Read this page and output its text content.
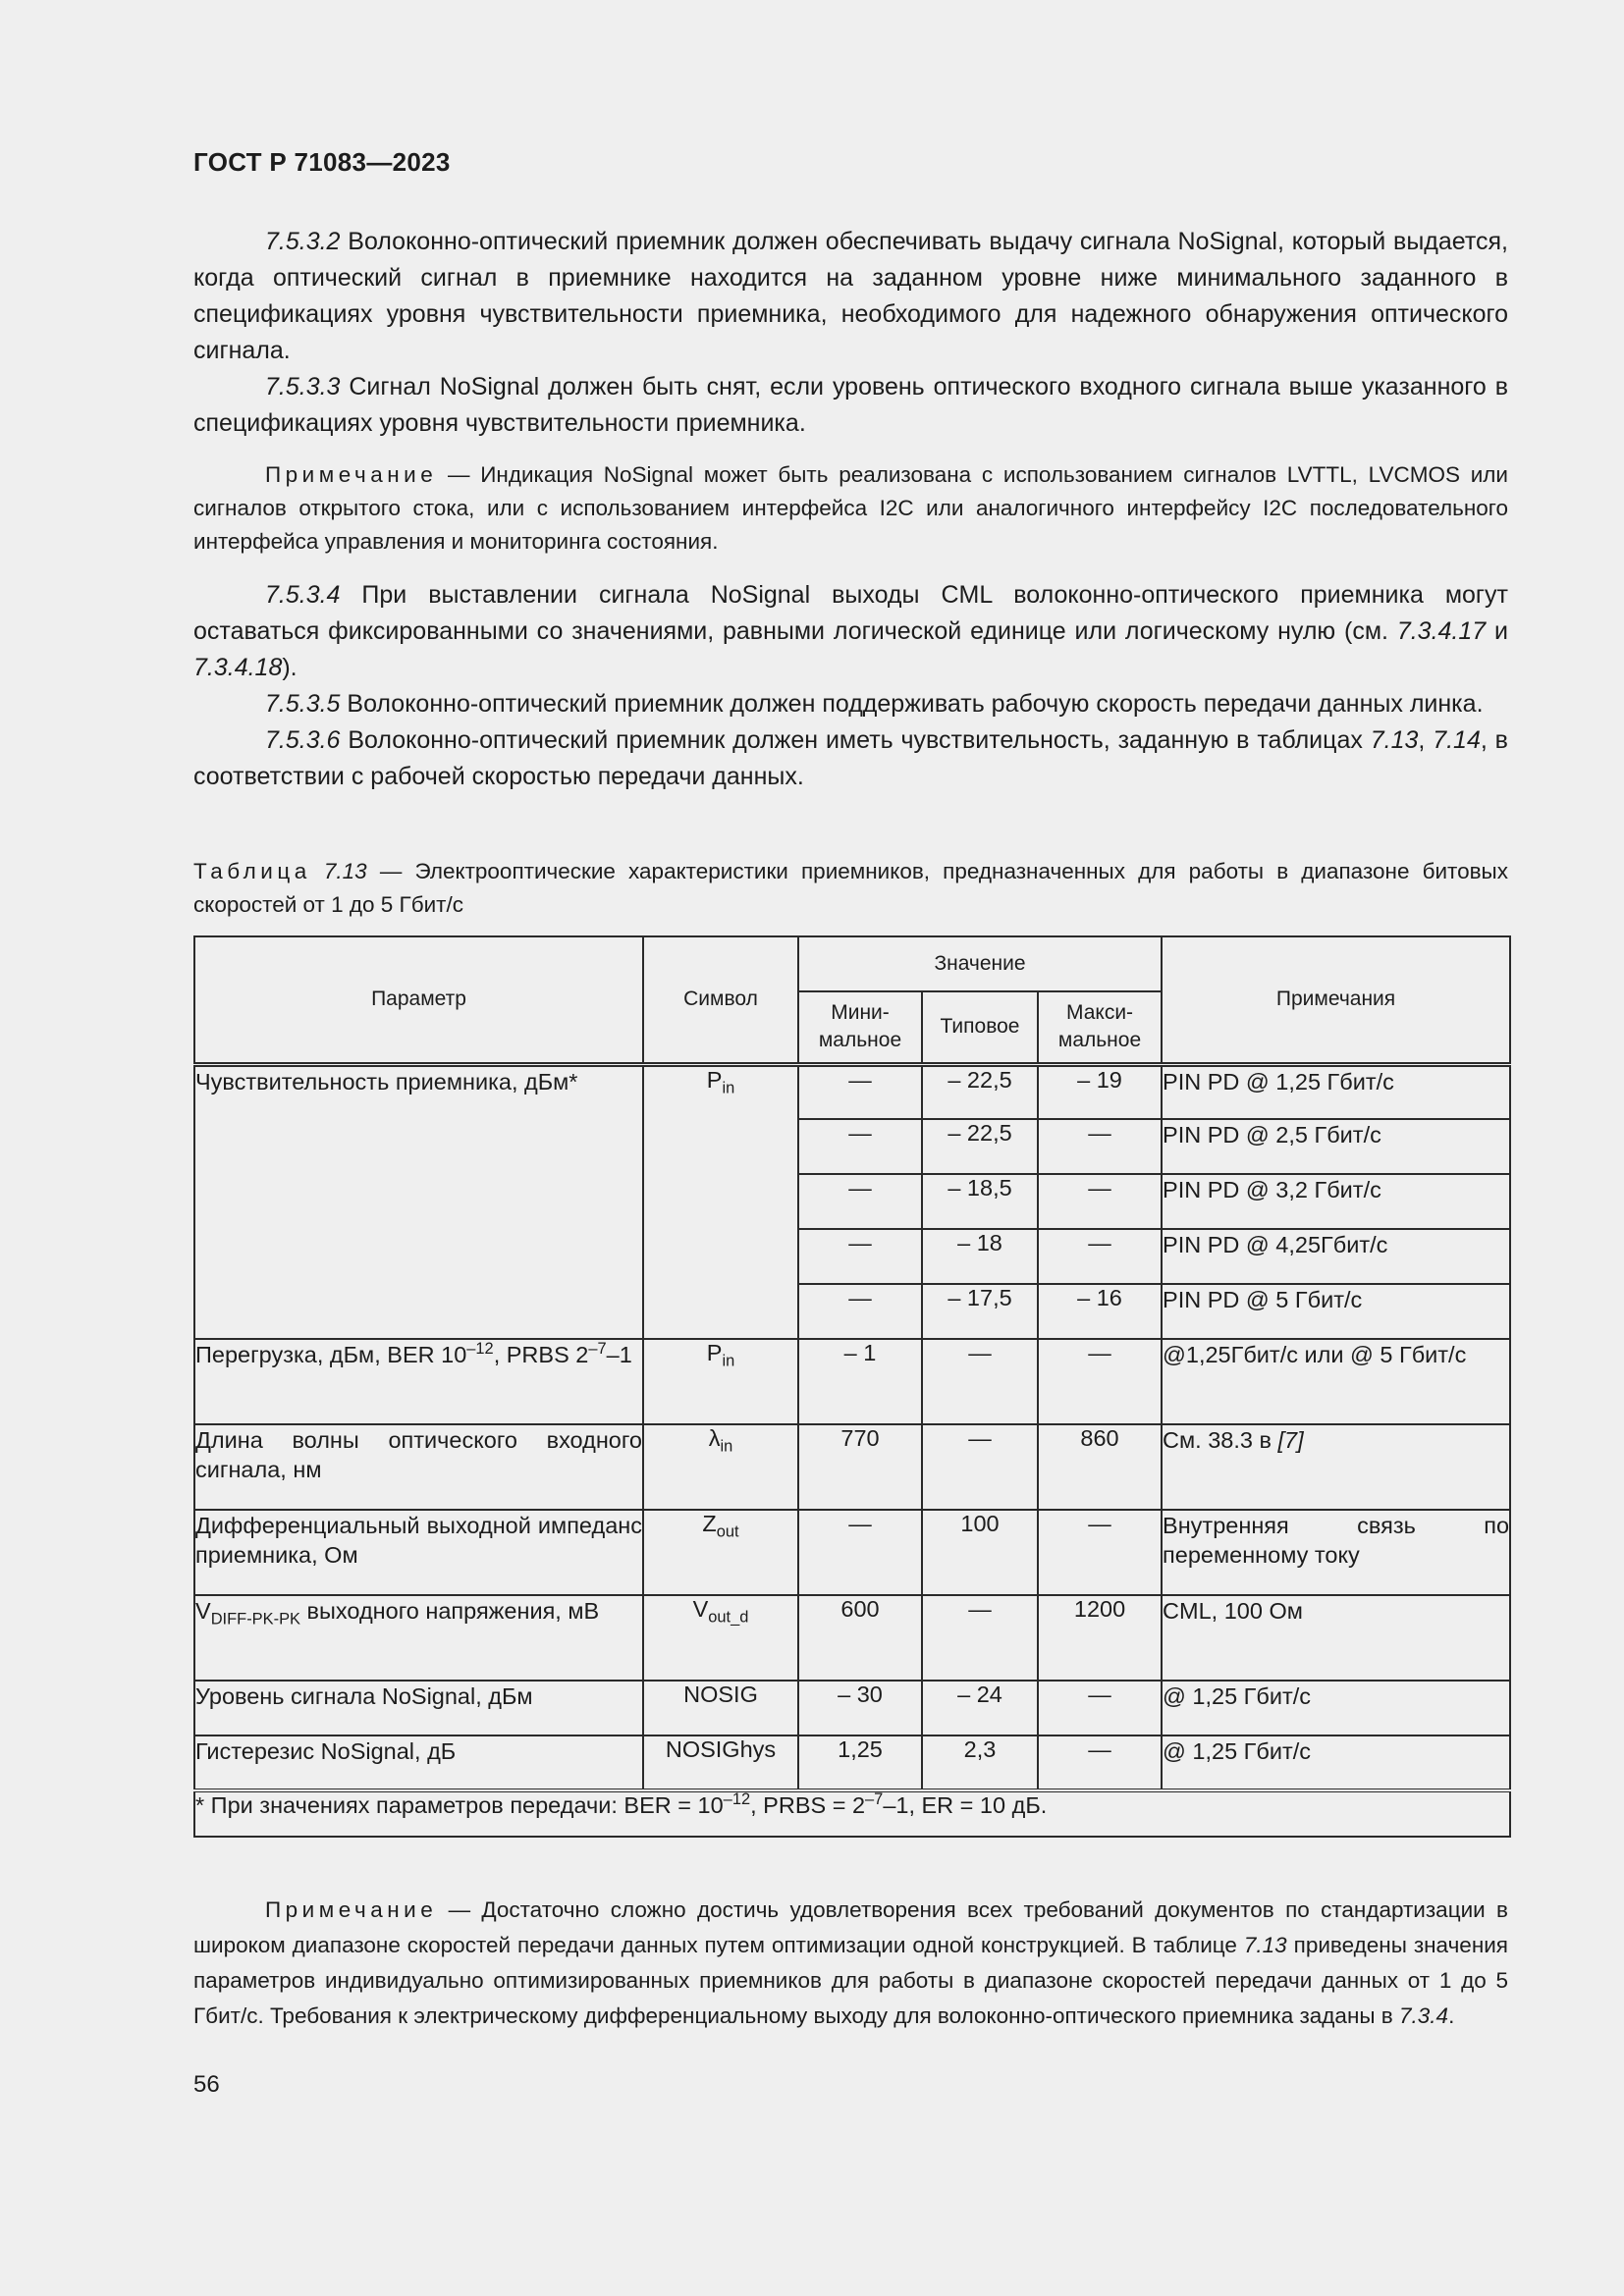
ГОСТ Р 71083—2023

7.5.3.2 Волоконно-оптический приемник должен обеспечивать выдачу сигнала NoSignal, который выдается, когда оптический сигнал в приемнике находится на заданном уровне ниже минимального заданного в спецификациях уровня чувствительности приемника, необходимого для надежного обнаружения оптического сигнала.

7.5.3.3 Сигнал NoSignal должен быть снят, если уровень оптического входного сигнала выше указанного в спецификациях уровня чувствительности приемника.

Примечание — Индикация NoSignal может быть реализована с использованием сигналов LVTTL, LVCMOS или сигналов открытого стока, или с использованием интерфейса I2C или аналогичного интерфейсу I2C последовательного интерфейса управления и мониторинга состояния.

7.5.3.4 При выставлении сигнала NoSignal выходы CML волоконно-оптического приемника могут оставаться фиксированными со значениями, равными логической единице или логическому нулю (см. 7.3.4.17 и 7.3.4.18).

7.5.3.5 Волоконно-оптический приемник должен поддерживать рабочую скорость передачи данных линка.

7.5.3.6 Волоконно-оптический приемник должен иметь чувствительность, заданную в таблицах 7.13, 7.14, в соответствии с рабочей скоростью передачи данных.

Таблица 7.13 — Электрооптические характеристики приемников, предназначенных для работы в диапазоне битовых скоростей от 1 до 5 Гбит/с
Параметр	Символ	Значение			Примечания
		Мини-мальное	Типовое	Макси-мальное	
Чувствительность приемника, дБм*	$P_{in}$	—	– 22,5	– 19	PIN PD @ 1,25 Гбит/с
		—	– 22,5	—	PIN PD @ 2,5 Гбит/с
		—	– 18,5	—	PIN PD @ 3,2 Гбит/с
		—	– 18	—	PIN PD @ 4,25Гбит/с
		—	– 17,5	– 16	PIN PD @ 5 Гбит/с
Перегрузка, дБм, BER $10^{-12}$, PRBS $2^{-7}-1$	$P_{in}$	– 1	—	—	@1,25Гбит/с или @ 5 Гбит/с
Длина волны оптического входного сигнала, нм	$\lambda_{in}$	770	—	860	См. 38.3 в [7]
Дифференциальный выходной импеданс приемника, Ом	$Z_{out}$	—	100	—	Внутренняя связь по переменному току
$V_{DIFF-PK-PK}$ выходного напряжения, мВ	$V_{out\_d}$	600	—	1200	CML, 100 Ом
Уровень сигнала NoSignal, дБм	NOSIG	– 30	– 24	—	@ 1,25 Гбит/с
Гистерезис NoSignal, дБ	NOSIGhys	1,25	2,3	—	@ 1,25 Гбит/с
* При значениях параметров передачи: BER = $10^{-12}$, PRBS = $2^{-7}-1$, ER = 10 дБ.					
Примечание — Достаточно сложно достичь удовлетворения всех требований документов по стандартизации в широком диапазоне скоростей передачи данных путем оптимизации одной конструкцией. В таблице 7.13 приведены значения параметров индивидуально оптимизированных приемников для работы в диапазоне скоростей передачи данных от 1 до 5 Гбит/с. Требования к электрическому дифференциальному выходу для волоконно-оптического приемника заданы в 7.3.4.
56
